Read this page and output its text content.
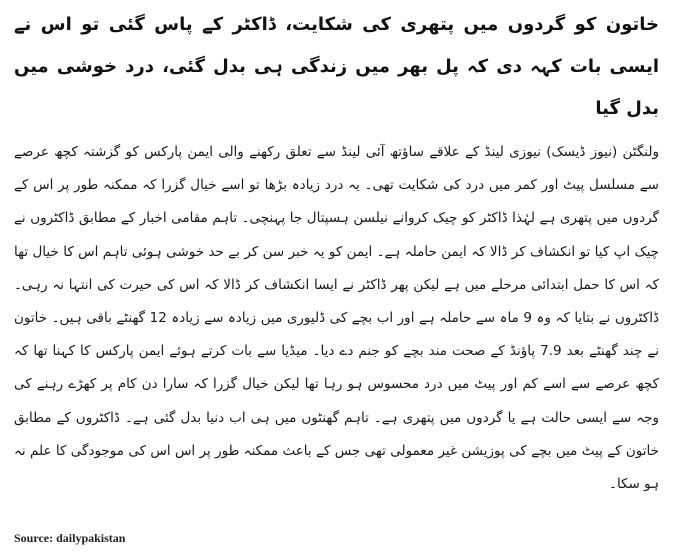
خاتون کو گردوں میں پتھری کی شکایت، ڈاکٹر کے پاس گئی تو اس نے ایسی بات کہہ دی کہ پل بھر میں زندگی ہی بدل گئی، درد خوشی میں بدل گیا

ولنگٹن (نیوز ڈیسک) نیوزی لینڈ کے علاقے ساؤتھ آئی لینڈ سے تعلق رکھنے والی ایمن پارکس کو گزشتہ کچھ عرصے سے مسلسل پیٹ اور کمر میں درد کی شکایت تھی۔ یہ درد زیادہ بڑھا تو اسے خیال گزرا کہ ممکنہ طور پر اس کے گردوں میں پتھری ہے لہٰذا ڈاکٹر کو چیک کروانے نیلسن ہسپتال جا پہنچی۔ تاہم مقامی اخبار کے مطابق ڈاکٹروں نے چیک اپ کیا تو انکشاف کر ڈالا کہ ایمن حاملہ ہے۔ ایمن کو یہ خبر سن کر بے حد خوشی ہوئی تاہم اس کا خیال تھا کہ اس کا حمل ابتدائی مرحلے میں ہے لیکن پھر ڈاکٹر نے ایسا انکشاف کر ڈالا کہ اس کی حیرت کی انتہا نہ رہی۔ ڈاکٹروں نے بتایا کہ وہ 9 ماہ سے حاملہ ہے اور اب بچے کی ڈلیوری میں زیادہ سے زیادہ 12 گھنٹے باقی ہیں۔ خاتون نے چند گھنٹے بعد 7.9 پاؤنڈ کے صحت مند بچے کو جنم دے دیا۔ میڈیا سے بات کرتے ہوئے ایمن پارکس کا کہنا تھا کہ کچھ عرصے سے اسے کم اور پیٹ میں درد محسوس ہو رہا تھا لیکن خیال گزرا کہ سارا دن کام پر کھڑے رہنے کی وجہ سے ایسی حالت ہے یا گردوں میں پتھری ہے۔ تاہم گھنٹوں میں ہی اب دنیا بدل گئی ہے۔ ڈاکٹروں کے مطابق خاتون کے پیٹ میں بچے کی پوزیشن غیر معمولی تھی جس کے باعث ممکنہ طور پر اس اس کی موجودگی کا علم نہ ہو سکا۔

Source: dailypakistan
